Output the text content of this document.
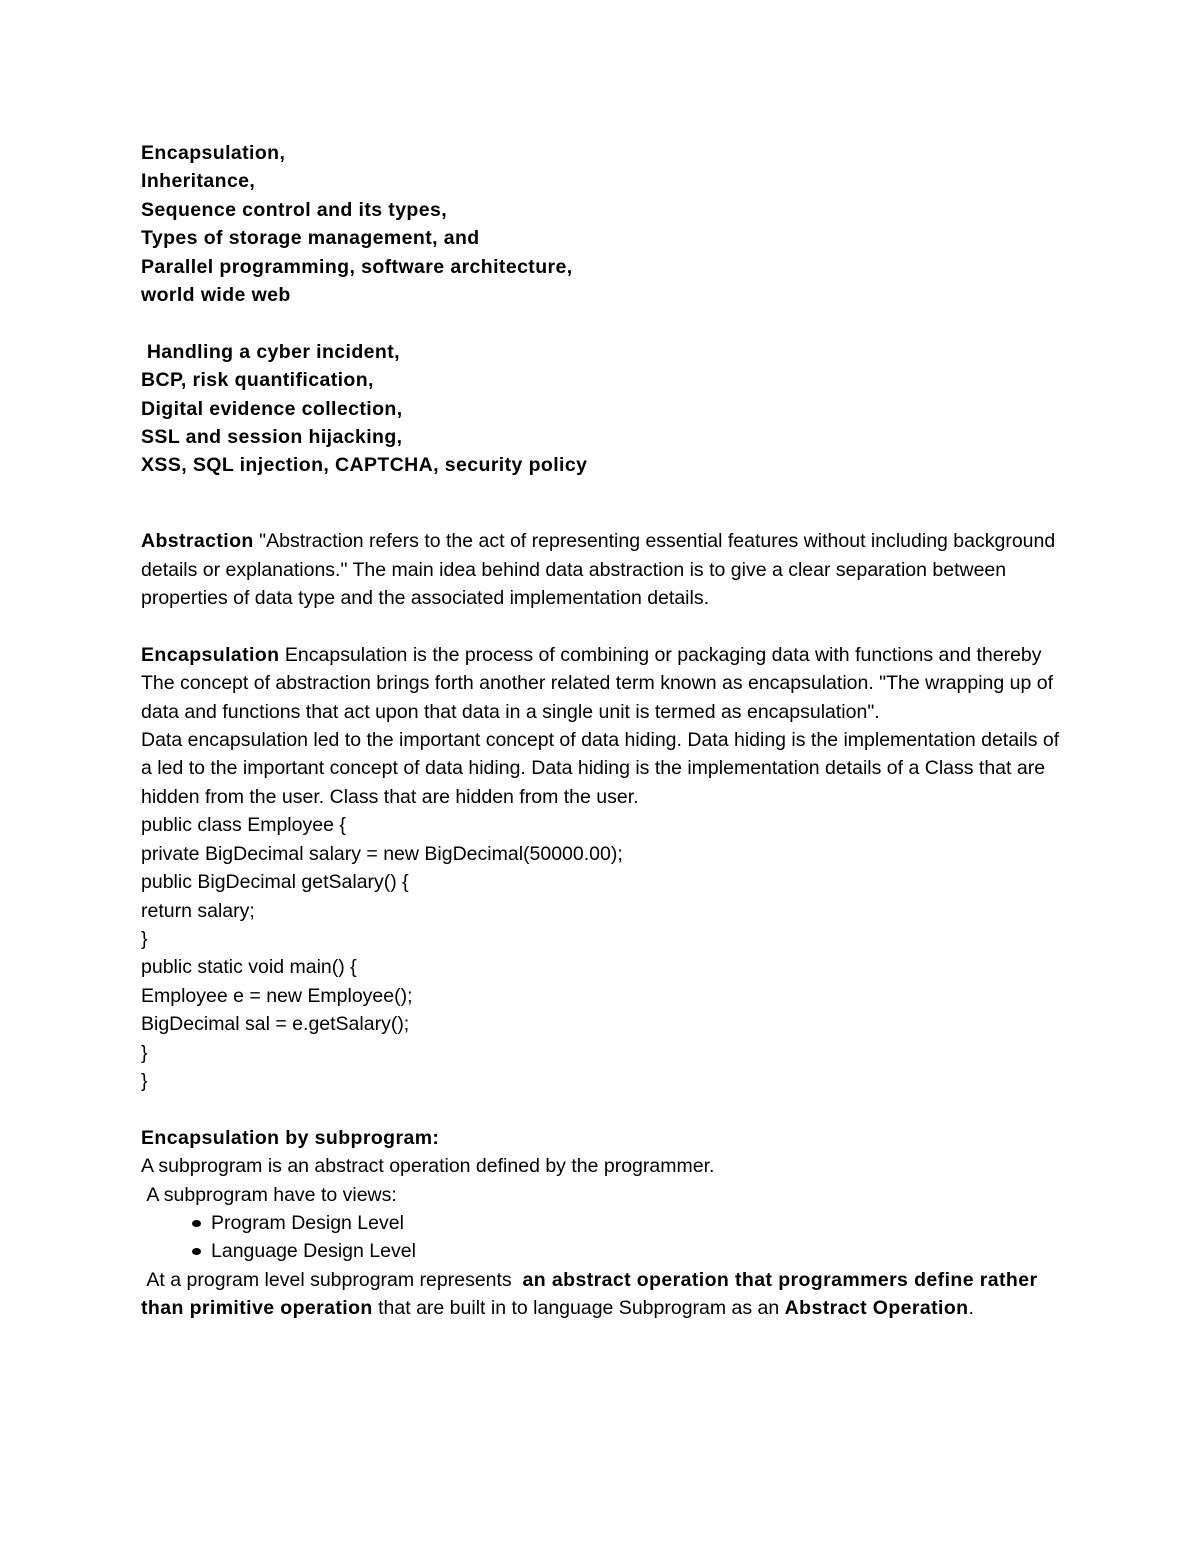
Encapsulation,
Inheritance,
Sequence control and its types,
Types of storage management, and
Parallel programming, software architecture,
world wide web
Handling a cyber incident,
BCP, risk quantification,
Digital evidence collection,
SSL and session hijacking,
XSS, SQL injection, CAPTCHA, security policy

Abstraction "Abstraction refers to the act of representing essential features without including background details or explanations." The main idea behind data abstraction is to give a clear separation between properties of data type and the associated implementation details.

Encapsulation Encapsulation is the process of combining or packaging data with functions and thereby The concept of abstraction brings forth another related term known as encapsulation. "The wrapping up of data and functions that act upon that data in a single unit is termed as encapsulation".

Data encapsulation led to the important concept of data hiding. Data hiding is the implementation details of a led to the important concept of data hiding. Data hiding is the implementation details of a Class that are hidden from the user. Class that are hidden from the user.

public class Employee {
private BigDecimal salary = new BigDecimal(50000.00);
public BigDecimal getSalary() {
return salary;
}
public static void main() {
Employee e = new Employee();
BigDecimal sal = e.getSalary();
}
}
Encapsulation by subprogram:
A subprogram is an abstract operation defined by the programmer.
A subprogram have to views:
Program Design Level
Language Design Level

At a program level subprogram represents  an abstract operation that programmers define rather than primitive operation that are built in to language Subprogram as an Abstract Operation.
